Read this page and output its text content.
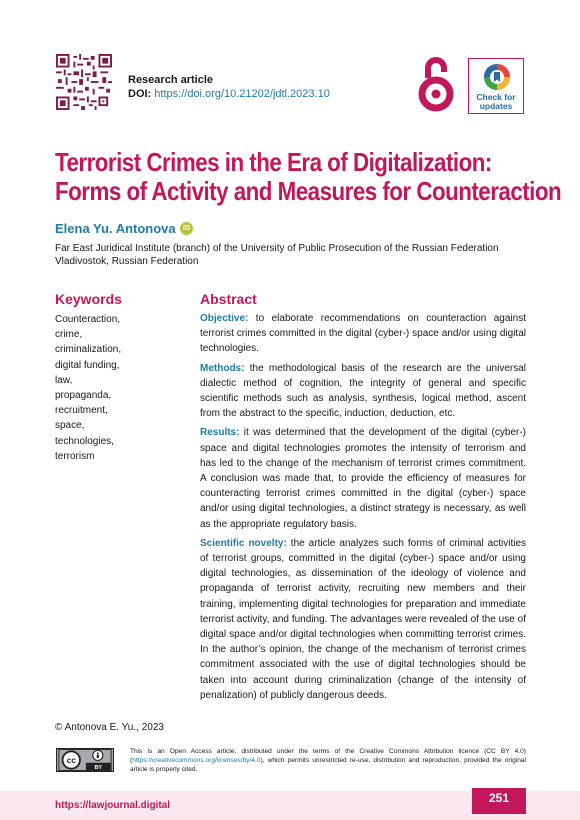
Research article
DOI: https://doi.org/10.21202/jdtl.2023.10	Check for updates
Terrorist Crimes in the Era of Digitalization:
Forms of Activity and Measures for Counteraction
Elena Yu. Antonova	iD
Far East Juridical Institute (branch) of the University of Public Prosecution of the Russian Federation
Vladivostok, Russian Federation
Keywords	Abstract
Counteraction,
crime,
criminalization,
digital funding,
law,
propaganda,
recruitment,
space,
technologies,
terrorism

Objective: to elaborate recommendations on counteraction against terrorist crimes committed in the digital (cyber-) space and/or using digital technologies.

Methods: the methodological basis of the research are the universal dialectic method of cognition, the integrity of general and specific scientific methods such as analysis, synthesis, logical method, ascent from the abstract to the specific, induction, deduction, etc.

Results: it was determined that the development of the digital (cyber-) space and digital technologies promotes the intensity of terrorism and has led to the change of the mechanism of terrorist crimes commitment. A conclusion was made that, to provide the efficiency of measures for counteracting terrorist crimes committed in the digital (cyber-) space and/or using digital technologies, a distinct strategy is necessary, as well as the appropriate regulatory basis.

Scientific novelty: the article analyzes such forms of criminal activities of terrorist groups, committed in the digital (cyber-) space and/or using digital technologies, as dissemination of the ideology of violence and propaganda of terrorist activity, recruiting new members and their training, implementing digital technologies for preparation and immediate terrorist activity, and funding. The advantages were revealed of the use of digital space and/or digital technologies when committing terrorist crimes. In the author’s opinion, the change of the mechanism of terrorist crimes commitment associated with the use of digital technologies should be taken into account during criminalization (change of the intensity of penalization) of publicly dangerous deeds.

© Antonova E. Yu., 2023
cc
BY
This is an Open Access article, distributed under the terms of the Creative Commons Attribution licence (CC BY 4.0) (https://creativecommons.org/licenses/by/4.0), which permits unrestricted re-use, distribution and reproduction, provided the original article is properly cited.
https://lawjournal.digital
251
